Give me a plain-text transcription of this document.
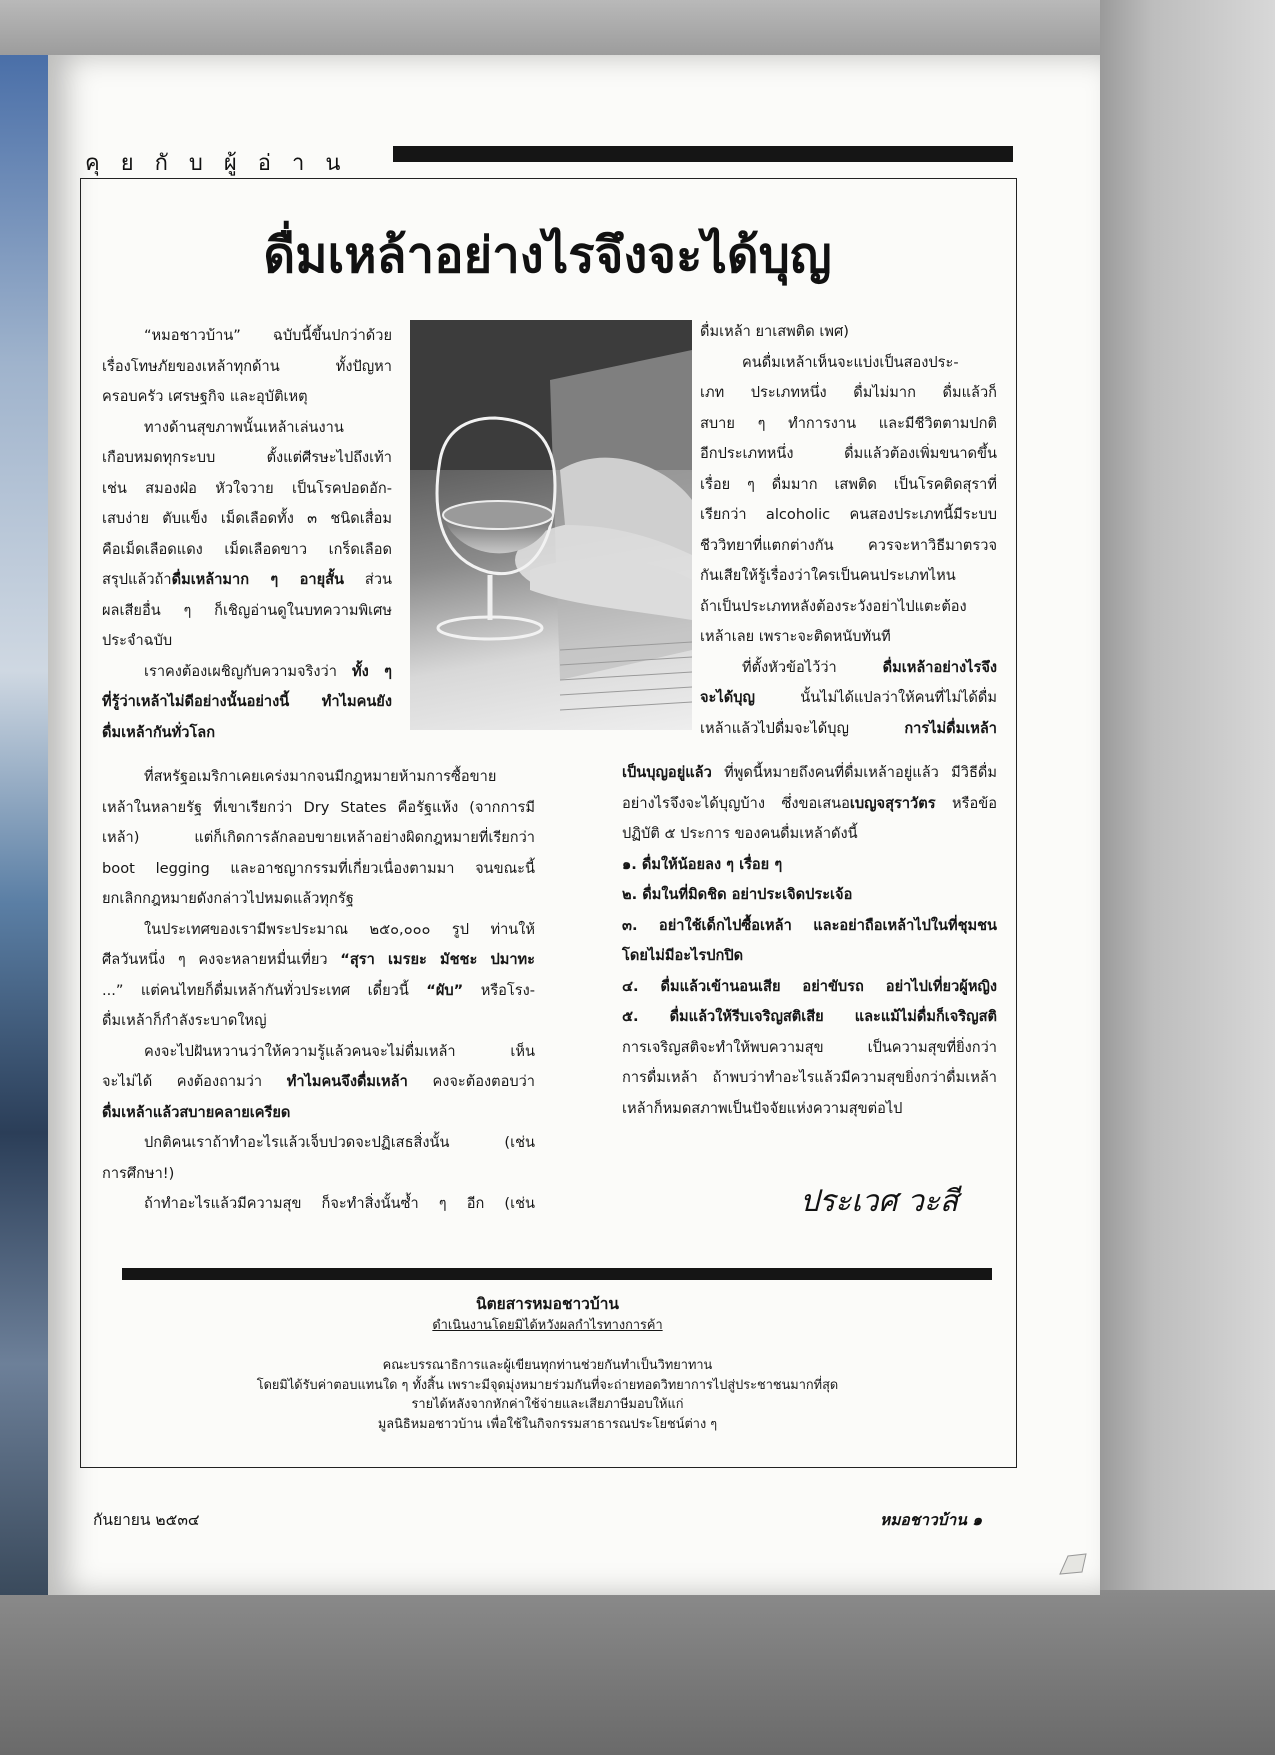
คุยกับผู้อ่าน
ดื่มเหล้าอย่างไรจึงจะได้บุญ

“หมอชาวบ้าน” ฉบับนี้ขึ้นปกว่าด้วย

เรื่องโทษภัยของเหล้าทุกด้าน ทั้งปัญหา

ครอบครัว เศรษฐกิจ และอุบัติเหตุ

ทางด้านสุขภาพนั้นเหล้าเล่นงาน

เกือบหมดทุกระบบ ตั้งแต่ศีรษะไปถึงเท้า

เช่น สมองฝ่อ หัวใจวาย เป็นโรคปอดอัก-

เสบง่าย ตับแข็ง เม็ดเลือดทั้ง ๓ ชนิดเสื่อม

คือเม็ดเลือดแดง เม็ดเลือดขาว เกร็ดเลือด

สรุปแล้วถ้าดื่มเหล้ามาก ๆ อายุสั้น ส่วน

ผลเสียอื่น ๆ ก็เชิญอ่านดูในบทความพิเศษ

ประจำฉบับ

เราคงต้องเผชิญกับความจริงว่า ทั้ง ๆ

ที่รู้ว่าเหล้าไม่ดีอย่างนั้นอย่างนี้ ทำไมคนยัง

ดื่มเหล้ากันทั่วโลก

ที่สหรัฐอเมริกาเคยเคร่งมากจนมีกฎหมายห้ามการซื้อขาย

เหล้าในหลายรัฐ ที่เขาเรียกว่า Dry States คือรัฐแห้ง (จากการมี

เหล้า) แต่ก็เกิดการลักลอบขายเหล้าอย่างผิดกฎหมายที่เรียกว่า

boot legging และอาชญากรรมที่เกี่ยวเนื่องตามมา จนขณะนี้

ยกเลิกกฎหมายดังกล่าวไปหมดแล้วทุกรัฐ

ในประเทศของเรามีพระประมาณ ๒๕๐,๐๐๐ รูป ท่านให้

ศีลวันหนึ่ง ๆ คงจะหลายหมื่นเที่ยว “สุรา เมรยะ มัชชะ ปมาทะ

...” แต่คนไทยก็ดื่มเหล้ากันทั่วประเทศ เดี๋ยวนี้ “ผับ” หรือโรง-

ดื่มเหล้าก็กำลังระบาดใหญ่

คงจะไปฝันหวานว่าให้ความรู้แล้วคนจะไม่ดื่มเหล้า เห็น

จะไม่ได้ คงต้องถามว่า ทำไมคนจึงดื่มเหล้า คงจะต้องตอบว่า

ดื่มเหล้าแล้วสบายคลายเครียด

ปกติคนเราถ้าทำอะไรแล้วเจ็บปวดจะปฏิเสธสิ่งนั้น (เช่น

การศึกษา!)

ถ้าทำอะไรแล้วมีความสุข ก็จะทำสิ่งนั้นซ้ำ ๆ อีก (เช่น

ดื่มเหล้า ยาเสพติด เพศ)

คนดื่มเหล้าเห็นจะแบ่งเป็นสองประ-

เภท ประเภทหนึ่ง ดื่มไม่มาก ดื่มแล้วก็

สบาย ๆ ทำการงาน และมีชีวิตตามปกติ

อีกประเภทหนึ่ง ดื่มแล้วต้องเพิ่มขนาดขึ้น

เรื่อย ๆ ดื่มมาก เสพติด เป็นโรคติดสุราที่

เรียกว่า alcoholic คนสองประเภทนี้มีระบบ

ชีววิทยาที่แตกต่างกัน ควรจะหาวิธีมาตรวจ

กันเสียให้รู้เรื่องว่าใครเป็นคนประเภทไหน

ถ้าเป็นประเภทหลังต้องระวังอย่าไปแตะต้อง

เหล้าเลย เพราะจะติดหนับทันที

ที่ตั้งหัวข้อไว้ว่า ดื่มเหล้าอย่างไรจึง

จะได้บุญ นั้นไม่ได้แปลว่าให้คนที่ไม่ได้ดื่ม

เหล้าแล้วไปดื่มจะได้บุญ การไม่ดื่มเหล้า

เป็นบุญอยู่แล้ว ที่พูดนี้หมายถึงคนที่ดื่มเหล้าอยู่แล้ว มีวิธีดื่ม

อย่างไรจึงจะได้บุญบ้าง ซึ่งขอเสนอเบญจสุราวัตร หรือข้อ

ปฏิบัติ ๕ ประการ ของคนดื่มเหล้าดังนี้

๑. ดื่มให้น้อยลง ๆ เรื่อย ๆ

๒. ดื่มในที่มิดชิด อย่าประเจิดประเจ้อ

๓. อย่าใช้เด็กไปซื้อเหล้า และอย่าถือเหล้าไปในที่ชุมชน

โดยไม่มีอะไรปกปิด

๔. ดื่มแล้วเข้านอนเสีย อย่าขับรถ อย่าไปเที่ยวผู้หญิง

๕. ดื่มแล้วให้รีบเจริญสติเสีย และแม้ไม่ดื่มก็เจริญสติ

การเจริญสติจะทำให้พบความสุข เป็นความสุขที่ยิ่งกว่า

การดื่มเหล้า ถ้าพบว่าทำอะไรแล้วมีความสุขยิ่งกว่าดื่มเหล้า

เหล้าก็หมดสภาพเป็นปัจจัยแห่งความสุขต่อไป

ประเวศ วะสี
นิตยสารหมอชาวบ้าน
ดำเนินงานโดยมิได้หวังผลกำไรทางการค้า
คณะบรรณาธิการและผู้เขียนทุกท่านช่วยกันทำเป็นวิทยาทาน
โดยมิได้รับค่าตอบแทนใด ๆ ทั้งสิ้น เพราะมีจุดมุ่งหมายร่วมกันที่จะถ่ายทอดวิทยาการไปสู่ประชาชนมากที่สุด
รายได้หลังจากหักค่าใช้จ่ายและเสียภาษีมอบให้แก่
มูลนิธิหมอชาวบ้าน เพื่อใช้ในกิจกรรมสาธารณประโยชน์ต่าง ๆ
กันยายน ๒๕๓๔	หมอชาวบ้าน ๑
